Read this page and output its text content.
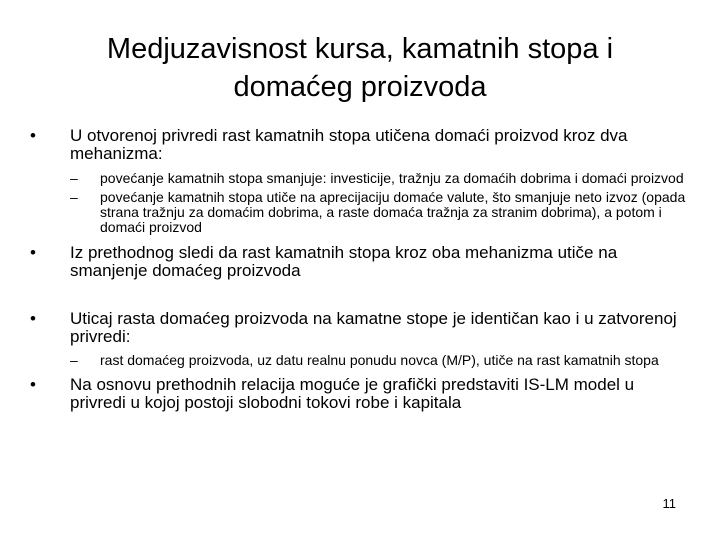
Medjuzavisnost kursa, kamatnih stopa i
domaćeg proizvoda
•	U otvorenoj privredi rast kamatnih stopa utičena domaći proizvod kroz dva mehanizma:
– povećanje kamatnih stopa smanjuje: investicije, tražnju za domaćih dobrima i domaći proizvod
– povećanje kamatnih stopa utiče na aprecijaciju domaće valute, što smanjuje neto izvoz (opada strana tražnju za domaćim dobrima, a raste domaća tražnja za stranim dobrima), a potom i domaći proizvod
•	Iz prethodnog sledi da rast kamatnih stopa kroz oba mehanizma utiče na smanjenje domaćeg proizvoda
•	Uticaj rasta domaćeg proizvoda na kamatne stope je identičan kao i u zatvorenoj privredi:
– rast domaćeg proizvoda, uz datu realnu ponudu novca (M/P), utiče na rast kamatnih stopa
•	Na osnovu prethodnih relacija moguće je grafički predstaviti IS-LM model u privredi u kojoj postoji slobodni tokovi robe i kapitala
11
